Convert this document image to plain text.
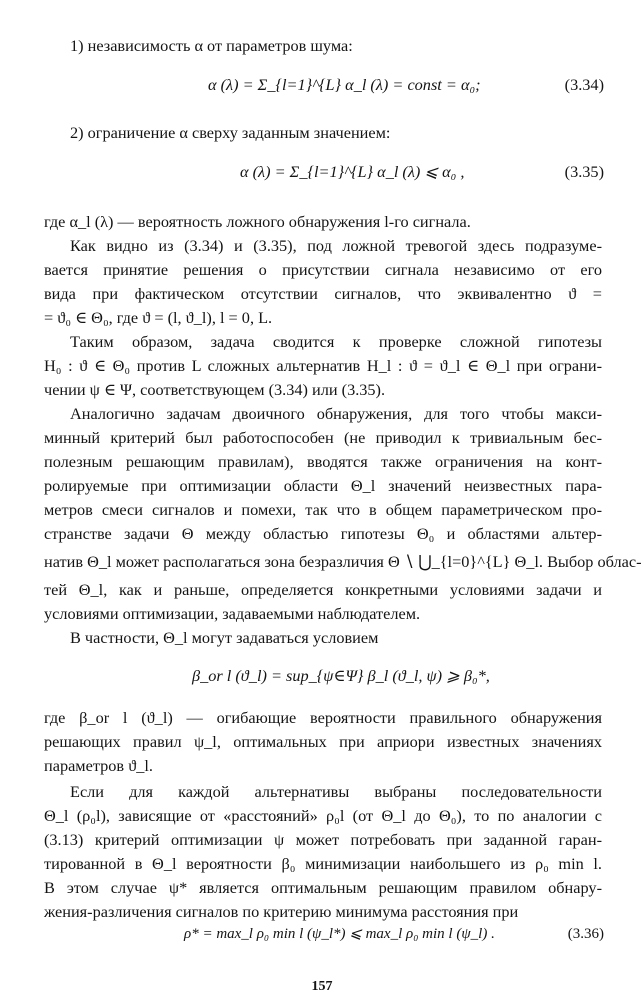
1) независимость α от параметров шума:
α (λ) = Σ_{l=1}^{L} α_l (λ) = const = α₀;	(3.34)
2) ограничение α сверху заданным значением:
α (λ) = Σ_{l=1}^{L} α_l (λ) ⩽ α₀ ,	(3.35)
где α_l (λ) — вероятность ложного обнаружения l-го сигнала.
Как видно из (3.34) и (3.35), под ложной тревогой здесь подразуме-
вается принятие решения о присутствии сигнала независимо от его
вида при фактическом отсутствии сигналов, что эквивалентно ϑ =
= ϑ₀ ∈ Θ₀, где ϑ = (l, ϑ_l), l = 0, L.
Таким образом, задача сводится к проверке сложной гипотезы
H₀ : ϑ ∈ Θ₀ против L сложных альтернатив H_l : ϑ = ϑ_l ∈ Θ_l при ограни-
чении ψ ∈ Ψ, соответствующем (3.34) или (3.35).
Аналогично задачам двоичного обнаружения, для того чтобы макси-
минный критерий был работоспособен (не приводил к тривиальным бес-
полезным решающим правилам), вводятся также ограничения на конт-
ролируемые при оптимизации области Θ_l значений неизвестных пара-
метров смеси сигналов и помехи, так что в общем параметрическом про-
странстве задачи Θ между областью гипотезы Θ₀ и областями альтер-
натив Θ_l может располагаться зона безразличия Θ ∖ ⋃_{l=0}^{L} Θ_l. Выбор облас-
тей Θ_l, как и раньше, определяется конкретными условиями задачи и
условиями оптимизации, задаваемыми наблюдателем.
В частности, Θ_l могут задаваться условием
β_or l (ϑ_l) = sup_{ψ∈Ψ} β_l (ϑ_l, ψ) ⩾ β₀*,
где β_or l (ϑ_l) — огибающие вероятности правильного обнаружения
решающих правил ψ_l, оптимальных при априори известных значениях
параметров ϑ_l.
Если для каждой альтернативы выбраны последовательности
Θ_l (ρ₀l), зависящие от «расстояний» ρ₀l (от Θ_l до Θ₀), то по аналогии с
(3.13) критерий оптимизации ψ может потребовать при заданной гаран-
тированной в Θ_l вероятности β₀ минимизации наибольшего из ρ₀ min l.
В этом случае ψ* является оптимальным решающим правилом обнару-
жения-различения сигналов по критерию минимума расстояния при
ρ* = max_l ρ₀ min l (ψ_l*) ⩽ max_l ρ₀ min l (ψ_l) .	(3.36)
157
